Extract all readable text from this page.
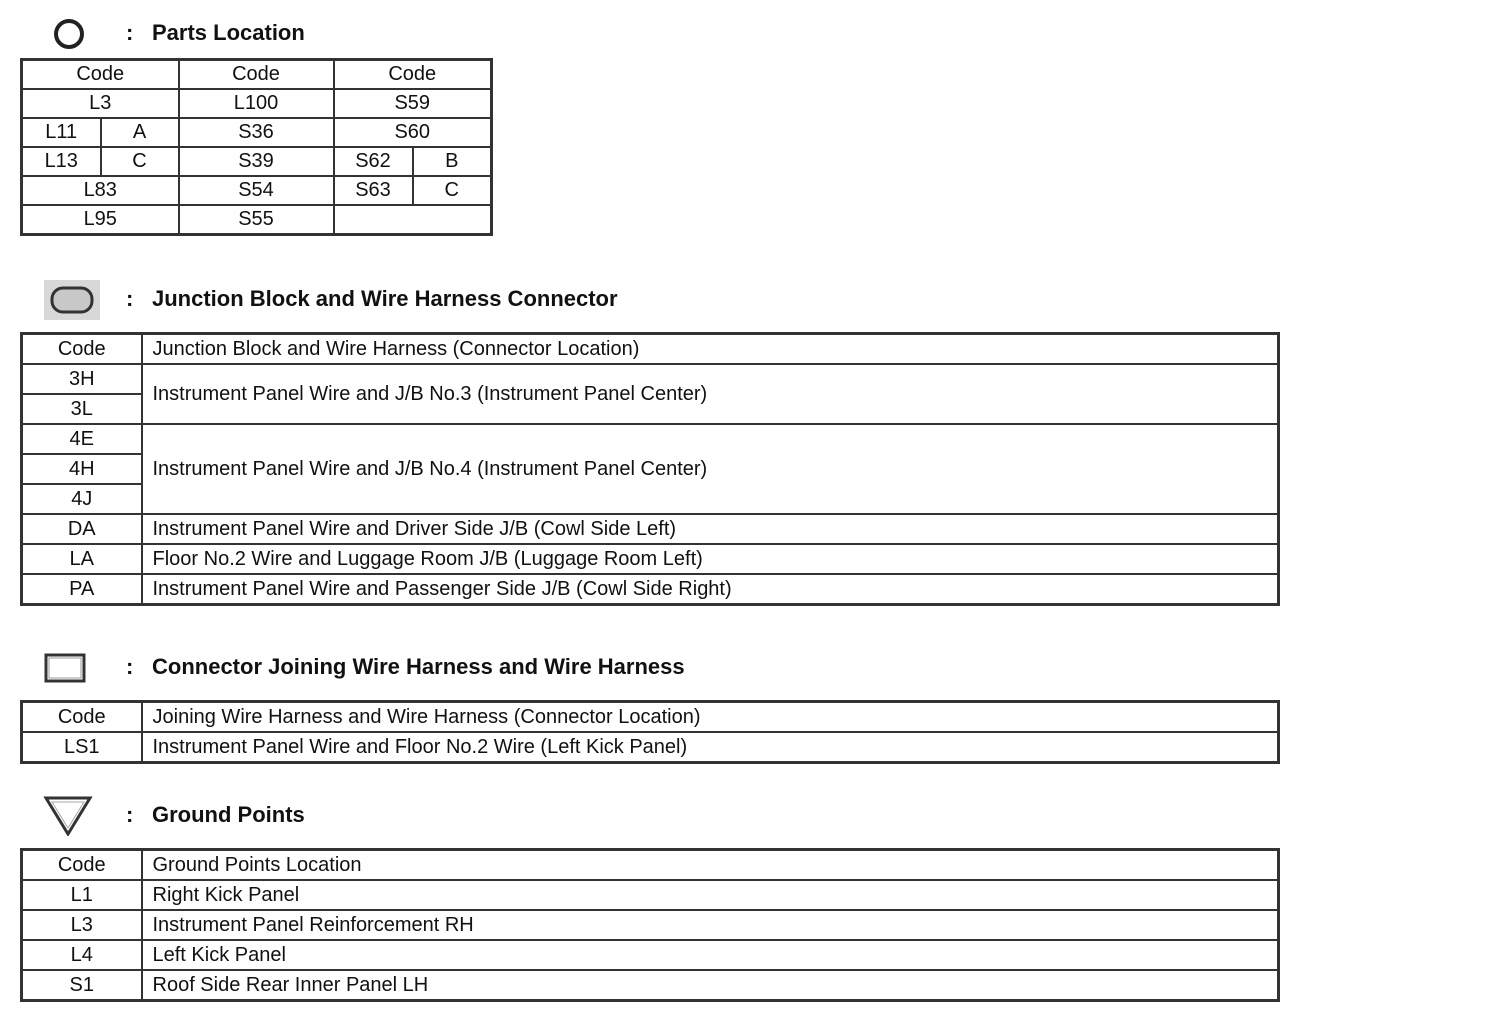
: Parts Location
Code		Code	Code	
L3		L100	S59	
L11	A	S36	S60	
L13	C	S39	S62	B
L83		S54	S63	C
L95		S55		
: Junction Block and Wire Harness Connector
Code	Junction Block and Wire Harness (Connector Location)
3H	Instrument Panel Wire and J/B No.3 (Instrument Panel Center)
3L	
4E	Instrument Panel Wire and J/B No.4 (Instrument Panel Center)
4H	
4J	
DA	Instrument Panel Wire and Driver Side J/B (Cowl Side Left)
LA	Floor No.2 Wire and Luggage Room J/B (Luggage Room Left)
PA	Instrument Panel Wire and Passenger Side J/B (Cowl Side Right)
: Connector Joining Wire Harness and Wire Harness
Code	Joining Wire Harness and Wire Harness (Connector Location)
LS1	Instrument Panel Wire and Floor No.2 Wire (Left Kick Panel)
: Ground Points
Code	Ground Points Location
L1	Right Kick Panel
L3	Instrument Panel Reinforcement RH
L4	Left Kick Panel
S1	Roof Side Rear Inner Panel LH
